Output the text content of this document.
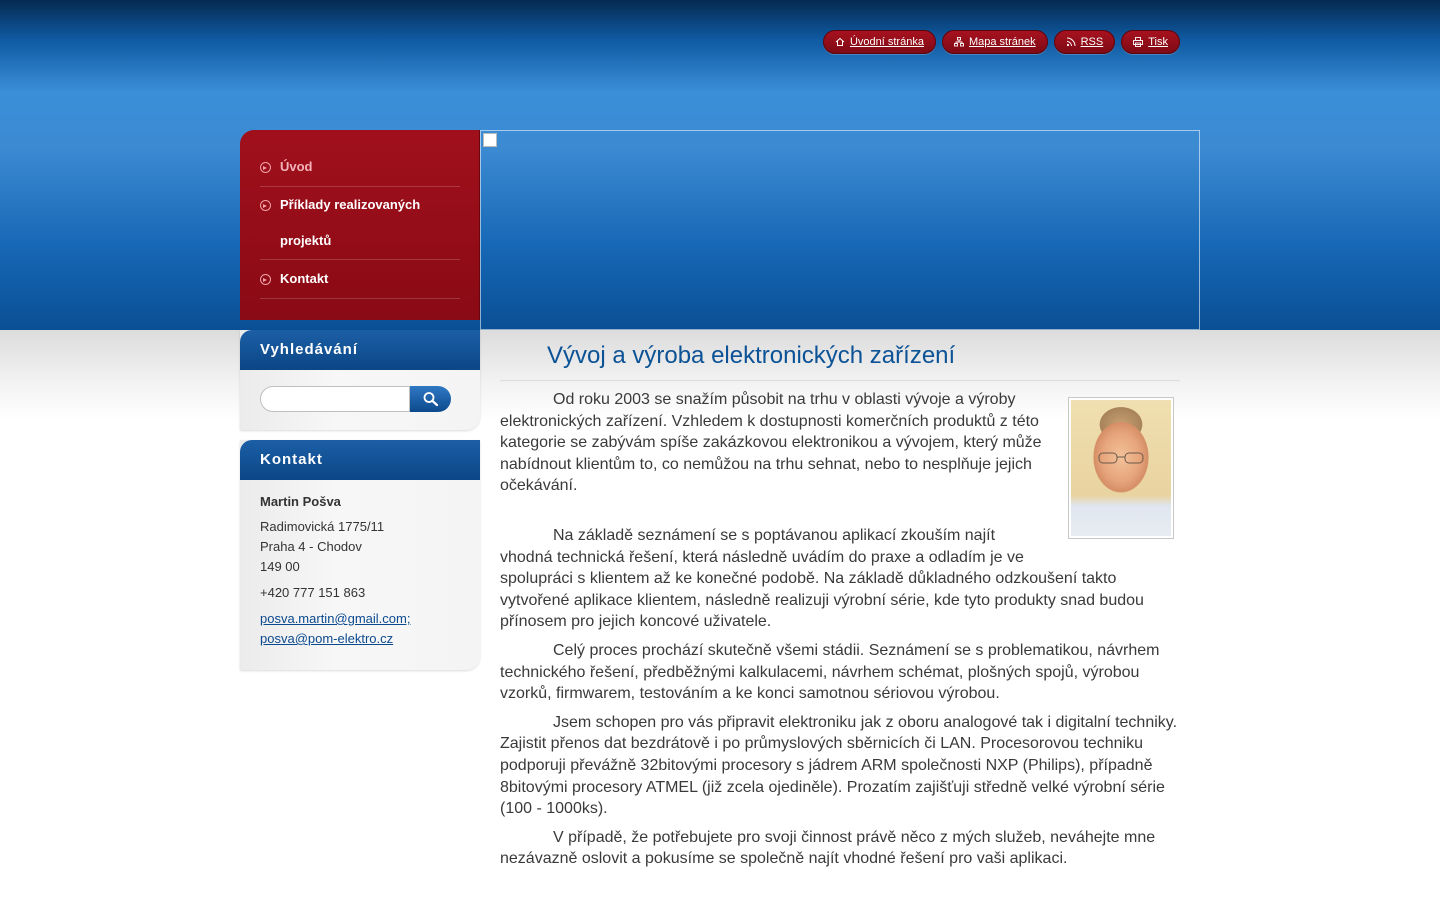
Úvodní stránka	Mapa stránek	RSS	Tisk
Úvod
Příklady realizovaných
projektů
Kontakt
Vyhledávání
Kontakt
Martin Pošva
Radimovická 1775/11
Praha 4 - Chodov
149 00
+420 777 151 863
posva.martin@gmail.com;
posva@pom-elektro.cz
Vývoj a výroba elektronických zařízení

Od roku 2003 se snažím působit na trhu v oblasti vývoje a výroby elektronických zařízení. Vzhledem k dostupnosti komerčních produktů z této kategorie se zabývám spíše zakázkovou elektronikou a vývojem, který může nabídnout klientům to, co nemůžou na trhu sehnat, nebo to nesplňuje jejich očekávání.

Na základě seznámení se s poptávanou aplikací zkouším najít vhodná technická řešení, která následně uvádím do praxe a odladím je ve spolupráci s klientem až ke konečné podobě. Na základě důkladného odzkoušení takto vytvořené aplikace klientem, následně realizuji výrobní série, kde tyto produkty snad budou přínosem pro jejich koncové uživatele.

Celý proces prochází skutečně všemi stádii. Seznámení se s problematikou, návrhem technického řešení, předběžnými kalkulacemi, návrhem schémat, plošných spojů, výrobou vzorků, firmwarem, testováním a ke konci samotnou sériovou výrobou.

Jsem schopen pro vás připravit elektroniku jak z oboru analogové tak i digitalní techniky. Zajistit přenos dat bezdrátově i po průmyslových sběrnicích či LAN. Procesorovou techniku podporuji převážně 32bitovými procesory s jádrem ARM společnosti NXP (Philips), případně 8bitovými procesory ATMEL (již zcela ojediněle). Prozatím zajišťuji středně velké výrobní série (100 - 1000ks).

V případě, že potřebujete pro svoji činnost právě něco z mých služeb, neváhejte mne nezávazně oslovit a pokusíme se společně najít vhodné řešení pro vaši aplikaci.
